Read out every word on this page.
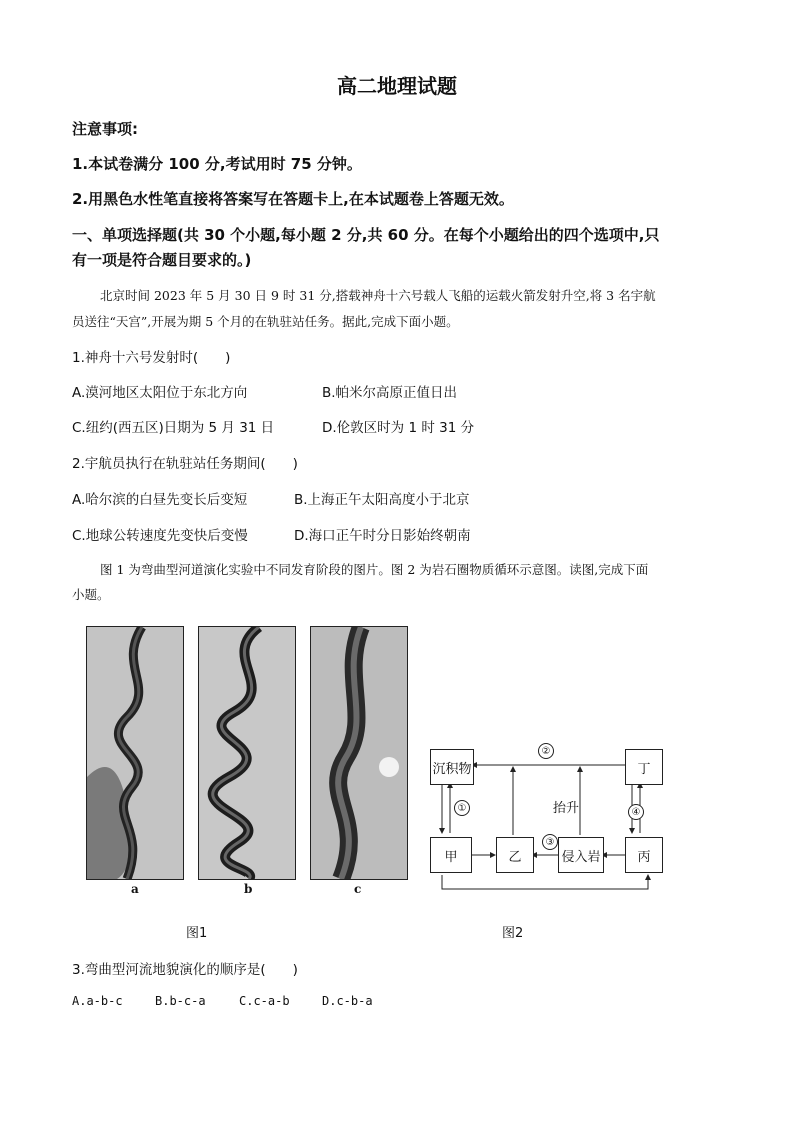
高二地理试题
注意事项:
1.本试卷满分 100 分,考试用时 75 分钟。
2.用黑色水性笔直接将答案写在答题卡上,在本试题卷上答题无效。
一、单项选择题(共 30 个小题,每小题 2 分,共 60 分。在每个小题给出的四个选项中,只
有一项是符合题目要求的。)
北京时间 2023 年 5 月 30 日 9 时 31 分,搭载神舟十六号载人飞船的运载火箭发射升空,将 3 名宇航
员送往“天宫”,开展为期 5 个月的在轨驻站任务。据此,完成下面小题。
1.神舟十六号发射时(　　)
A.漠河地区太阳位于东北方向	B.帕米尔高原正值日出
C.纽约(西五区)日期为 5 月 31 日	D.伦敦区时为 1 时 31 分
2.宇航员执行在轨驻站任务期间(　　)
A.哈尔滨的白昼先变长后变短	B.上海正午太阳高度小于北京
C.地球公转速度先变快后变慢	D.海口正午时分日影始终朝南
图 1 为弯曲型河道演化实验中不同发育阶段的图片。图 2 为岩石圈物质循环示意图。读图,完成下面
小题。
a	b	c
图1
沉积物	丁
甲	乙	侵入岩	丙
抬升
①
②
③
④
图2
3.弯曲型河流地貌演化的顺序是(　　)
A.a-b-c	B.b-c-a	C.c-a-b	D.c-b-a
